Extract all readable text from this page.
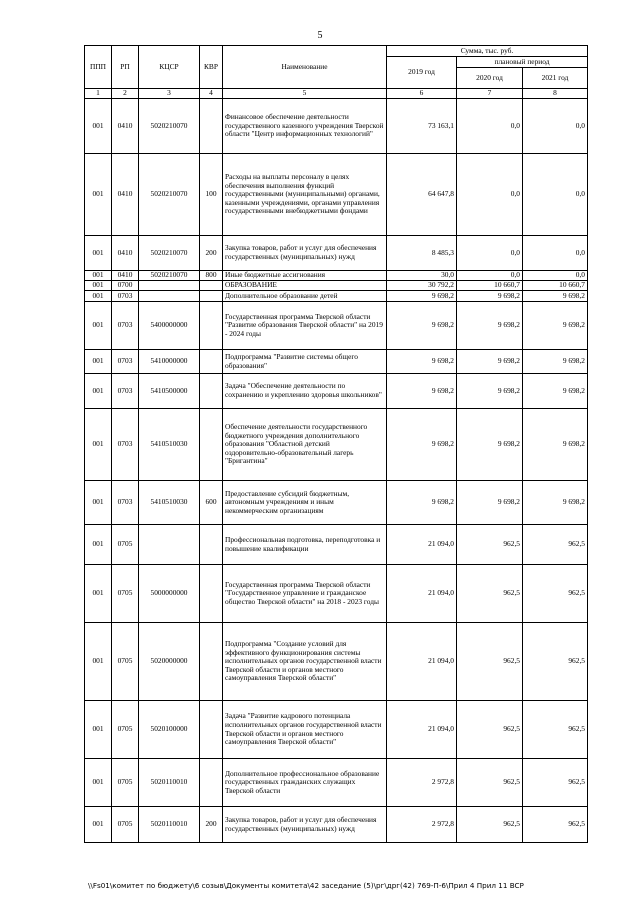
5
ППП	РП	КЦСР	КВР	Наименование	Сумма, тыс. руб.		
					2019 год	плановый период	
						2020 год	2021 год
1	2	3	4	5	6	7	8
001	0410	5020210070		Финансовое обеспечение деятельности государственного казенного учреждения Тверской области "Центр информационных технологий"	73 163,1	0,0	0,0
001	0410	5020210070	100	Расходы на выплаты персоналу в целях обеспечения выполнения функций государственными (муниципальными) органами, казенными учреждениями, органами управления государственными внебюджетными фондами	64 647,8	0,0	0,0
001	0410	5020210070	200	Закупка товаров, работ и услуг для обеспечения государственных (муниципальных) нужд	8 485,3	0,0	0,0
001	0410	5020210070	800	Иные бюджетные ассигнования	30,0	0,0	0,0
001	0700			ОБРАЗОВАНИЕ	30 792,2	10 660,7	10 660,7
001	0703			Дополнительное образование детей	9 698,2	9 698,2	9 698,2
001	0703	5400000000		Государственная программа Тверской области "Развитие образования Тверской области" на 2019 - 2024 годы	9 698,2	9 698,2	9 698,2
001	0703	5410000000		Подпрограмма "Развитие системы общего образования"	9 698,2	9 698,2	9 698,2
001	0703	5410500000		Задача "Обеспечение деятельности по сохранению и укреплению здоровья школьников"	9 698,2	9 698,2	9 698,2
001	0703	5410510030		Обеспечение деятельности государственного бюджетного учреждения дополнительного образования "Областной детский оздоровительно-образовательный лагерь "Бригантина"	9 698,2	9 698,2	9 698,2
001	0703	5410510030	600	Предоставление субсидий бюджетным, автономным учреждениям и иным некоммерческим организациям	9 698,2	9 698,2	9 698,2
001	0705			Профессиональная подготовка, переподготовка и повышение квалификации	21 094,0	962,5	962,5
001	0705	5000000000		Государственная программа Тверской области "Государственное управление и гражданское общество Тверской области" на 2018 - 2023 годы	21 094,0	962,5	962,5
001	0705	5020000000		Подпрограмма "Создание условий для эффективного функционирования системы исполнительных органов государственной власти Тверской области и органов местного самоуправления Тверской области"	21 094,0	962,5	962,5
001	0705	5020100000		Задача "Развитие кадрового потенциала исполнительных органов государственной власти Тверской области и органов местного самоуправления Тверской области"	21 094,0	962,5	962,5
001	0705	5020110010		Дополнительное профессиональное образование государственных гражданских служащих Тверской области	2 972,8	962,5	962,5
001	0705	5020110010	200	Закупка товаров, работ и услуг для обеспечения государственных (муниципальных) нужд	2 972,8	962,5	962,5
\\Fs01\комитет по бюджету\6 созыв\Документы комитета\42 заседание (5)\рг\дрг(42) 769-П-6\Прил 4 Прил 11 BCP
